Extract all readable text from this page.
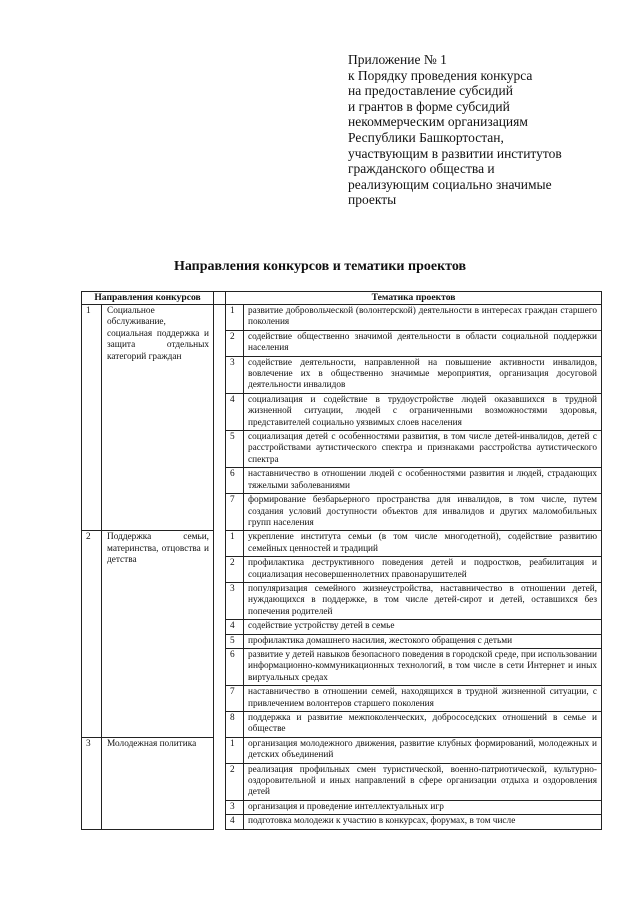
Приложение № 1
к Порядку проведения конкурса
на предоставление субсидий
и грантов в форме субсидий
некоммерческим организациям
Республики Башкортостан,
участвующим в развитии институтов
гражданского общества и
реализующим социально значимые
проекты
Направления конкурсов и тематики проектов
Направления конкурсов			Тематика проектов	
1	Социальное обслуживание, социальная поддержка и защита отдельных категорий граждан		1	развитие добровольческой (волонтерской) деятельности в интересах граждан старшего поколения
			2	содействие общественно значимой деятельности в области социальной поддержки населения
			3	содействие деятельности, направленной на повышение активности инвалидов, вовлечение их в общественно значимые мероприятия, организация досуговой деятельности инвалидов
			4	социализация и содействие в трудоустройстве людей оказавшихся в трудной жизненной ситуации, людей с ограниченными возможностями здоровья, представителей социально уязвимых слоев населения
			5	социализация детей с особенностями развития, в том числе детей-инвалидов, детей с расстройствами аутистического спектра и признаками расстройства аутистического спектра
			6	наставничество в отношении людей с особенностями развития и людей, страдающих тяжелыми заболеваниями
			7	формирование безбарьерного пространства для инвалидов, в том числе, путем создания условий доступности объектов для инвалидов и других маломобильных групп населения
2	Поддержка семьи, материнства, отцовства и детства		1	укрепление института семьи (в том числе многодетной), содействие развитию семейных ценностей и традиций
			2	профилактика деструктивного поведения детей и подростков, реабилитация и социализация несовершеннолетних правонарушителей
			3	популяризация семейного жизнеустройства, наставничество в отношении детей, нуждающихся в поддержке, в том числе детей-сирот и детей, оставшихся без попечения родителей
			4	содействие устройству детей в семье
			5	профилактика домашнего насилия, жестокого обращения с детьми
			6	развитие у детей навыков безопасного поведения в городской среде, при использовании информационно-коммуникационных технологий, в том числе в сети Интернет и иных виртуальных средах
			7	наставничество в отношении семей, находящихся в трудной жизненной ситуации, с привлечением волонтеров старшего поколения
			8	поддержка и развитие межпоколенческих, добрососедских отношений в семье и обществе
3	Молодежная политика		1	организация молодежного движения, развитие клубных формирований, молодежных и детских объединений
			2	реализация профильных смен туристической, военно-патриотической, культурно-оздоровительной и иных направлений в сфере организации отдыха и оздоровления детей
			3	организация и проведение интеллектуальных игр
			4	подготовка молодежи к участию в конкурсах, форумах, в том числе
